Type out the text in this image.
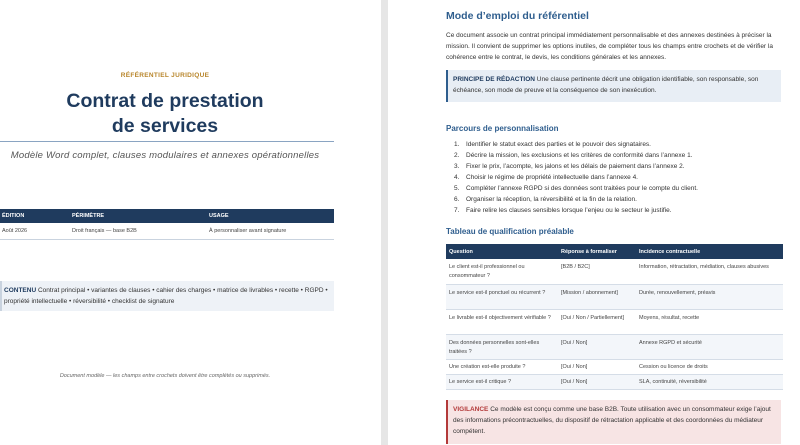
RÉFÉRENTIEL JURIDIQUE
Contrat de prestation
de services
Modèle Word complet, clauses modulaires et annexes opérationnelles
ÉDITION	PÉRIMÈTRE	USAGE
Août 2026	Droit français — base B2B	À personnaliser avant signature
CONTENU Contrat principal • variantes de clauses • cahier des charges • matrice de livrables • recette • RGPD • propriété intellectuelle • réversibilité • checklist de signature
Document modèle — les champs entre crochets doivent être complétés ou supprimés.
Mode d’emploi du référentiel
Ce document associe un contrat principal immédiatement personnalisable et des annexes destinées à préciser la mission. Il convient de supprimer les options inutiles, de compléter tous les champs entre crochets et de vérifier la cohérence entre le contrat, le devis, les conditions générales et les annexes.
PRINCIPE DE RÉDACTION Une clause pertinente décrit une obligation identifiable, son responsable, son échéance, son mode de preuve et la conséquence de son inexécution.
Parcours de personnalisation
1.	Identifier le statut exact des parties et le pouvoir des signataires.
2.	Décrire la mission, les exclusions et les critères de conformité dans l’annexe 1.
3.	Fixer le prix, l’acompte, les jalons et les délais de paiement dans l’annexe 2.
4.	Choisir le régime de propriété intellectuelle dans l’annexe 4.
5.	Compléter l’annexe RGPD si des données sont traitées pour le compte du client.
6.	Organiser la réception, la réversibilité et la fin de la relation.
7.	Faire relire les clauses sensibles lorsque l’enjeu ou le secteur le justifie.
Tableau de qualification préalable
Question	Réponse à formaliser	Incidence contractuelle
Le client est-il professionnel ou consommateur ?	[B2B / B2C]	Information, rétractation, médiation, clauses abusives
Le service est-il ponctuel ou récurrent ?	[Mission / abonnement]	Durée, renouvellement, préavis
Le livrable est-il objectivement vérifiable ?	[Oui / Non / Partiellement]	Moyens, résultat, recette
Des données personnelles sont-elles traitées ?	[Oui / Non]	Annexe RGPD et sécurité
Une création est-elle produite ?	[Oui / Non]	Cession ou licence de droits
Le service est-il critique ?	[Oui / Non]	SLA, continuité, réversibilité
VIGILANCE Ce modèle est conçu comme une base B2B. Toute utilisation avec un consommateur exige l’ajout des informations précontractuelles, du dispositif de rétractation applicable et des coordonnées du médiateur compétent.
